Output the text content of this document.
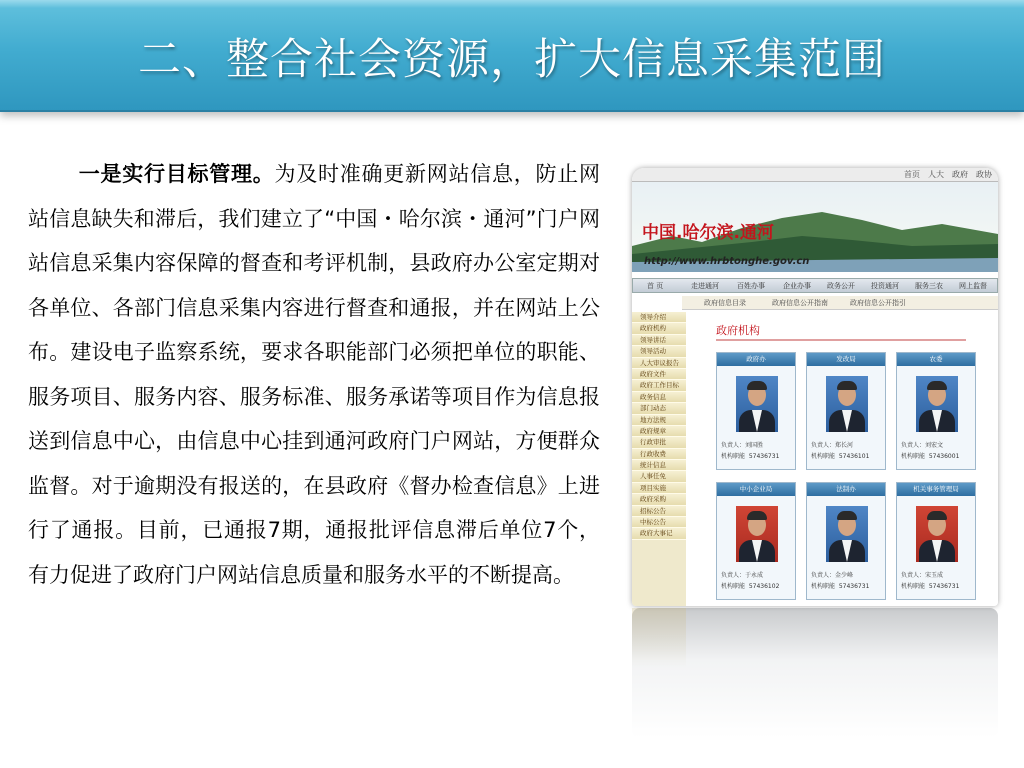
二、整合社会资源，扩大信息采集范围
一是实行目标管理。为及时准确更新网站信息，防止网站信息缺失和滞后，我们建立了“中国・哈尔滨・通河”门户网站信息采集内容保障的督查和考评机制，县政府办公室定期对各单位、各部门信息采集内容进行督查和通报，并在网站上公布。建设电子监察系统，要求各职能部门必须把单位的职能、服务项目、服务内容、服务标准、服务承诺等项目作为信息报送到信息中心，由信息中心挂到通河政府门户网站，方便群众监督。对于逾期没有报送的，在县政府《督办检查信息》上进行了通报。目前，已通报7期，通报批评信息滞后单位7个，有力促进了政府门户网站信息质量和服务水平的不断提高。
首页 人大 政府 政协
中国.哈尔滨.通河
http://www.hrbtonghe.gov.cn
首 页	走进通河	百姓办事	企业办事 政务公开 投资通河 服务三农 网上监督
政府信息目录	政府信息公开指南	政府信息公开指引
领导介绍
政府机构
领导讲话
领导活动
人大审议报告
政府文件
政府工作目标
政务信息
部门动态
地方法规
政府规章
行政审批
行政收费
统计信息
人事任免
项目实施
政府采购
招标公告
中标公告
政府大事记
政府机构
政府办
负责人：刘国胜
机构职能 57436731
发改局
负责人：郑长河
机构职能 57436101
农委
负责人：刘宏文
机构职能 57436001
中小企业局
负责人：于永成
机构职能 57436102
法制办
负责人：金少峰
机构职能 57436731
机关事务管理局
负责人：宋玉成
机构职能 57436731
